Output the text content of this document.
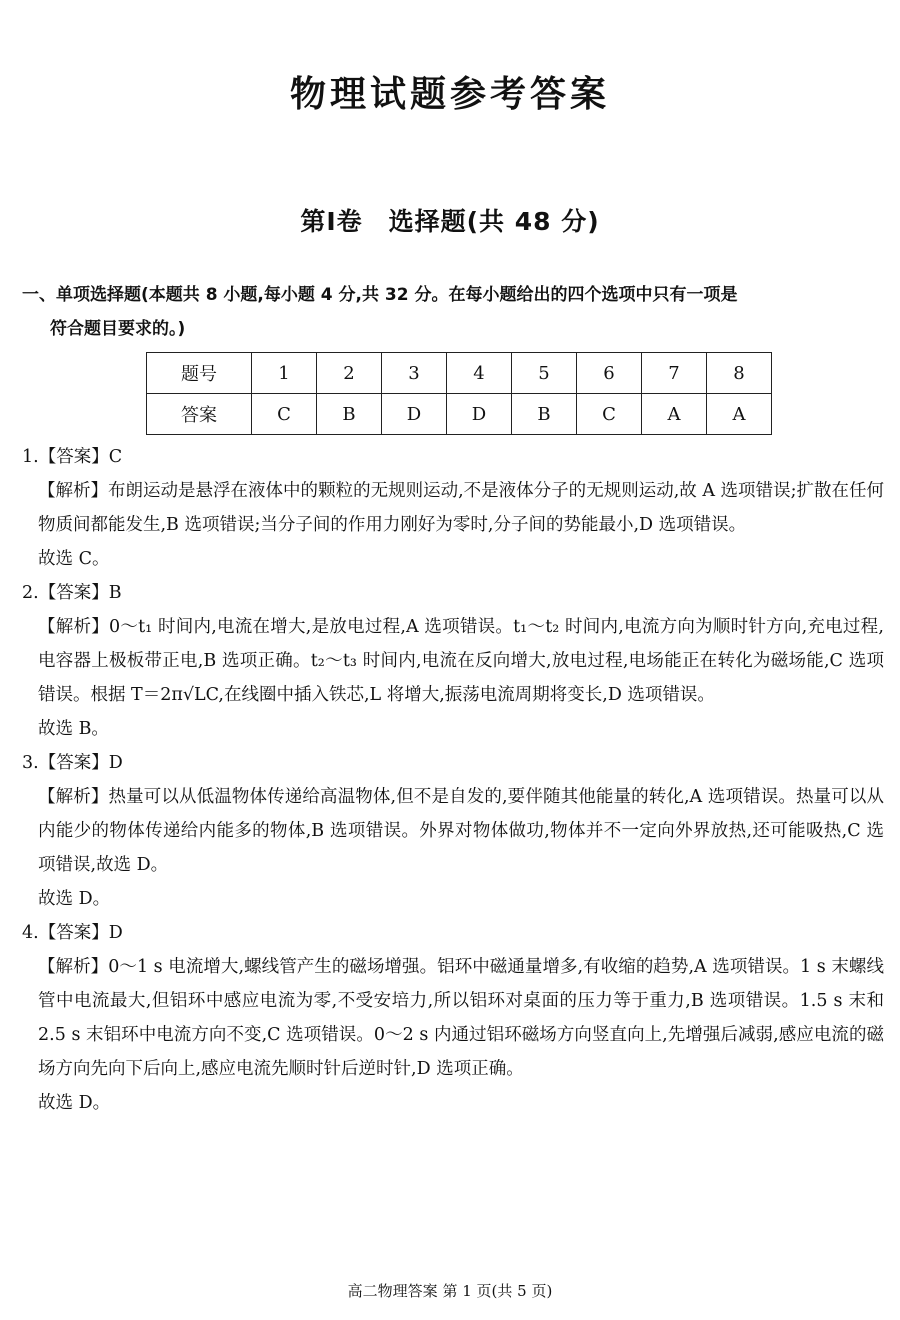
物理试题参考答案
第Ⅰ卷　选择题(共 48 分)
一、单项选择题(本题共 8 小题,每小题 4 分,共 32 分。在每小题给出的四个选项中只有一项是
符合题目要求的。)
题号	1	2	3	4	5	6	7	8
答案	C	B	D	D	B	C	A	A
1.【答案】C
【解析】布朗运动是悬浮在液体中的颗粒的无规则运动,不是液体分子的无规则运动,故 A 选项错误;扩散在任何物质间都能发生,B 选项错误;当分子间的作用力刚好为零时,分子间的势能最小,D 选项错误。
故选 C。
2.【答案】B
【解析】0～t₁ 时间内,电流在增大,是放电过程,A 选项错误。t₁～t₂ 时间内,电流方向为顺时针方向,充电过程,电容器上极板带正电,B 选项正确。t₂～t₃ 时间内,电流在反向增大,放电过程,电场能正在转化为磁场能,C 选项错误。根据 T＝2π√LC,在线圈中插入铁芯,L 将增大,振荡电流周期将变长,D 选项错误。
故选 B。
3.【答案】D
【解析】热量可以从低温物体传递给高温物体,但不是自发的,要伴随其他能量的转化,A 选项错误。热量可以从内能少的物体传递给内能多的物体,B 选项错误。外界对物体做功,物体并不一定向外界放热,还可能吸热,C 选项错误,故选 D。
故选 D。
4.【答案】D
【解析】0～1 s 电流增大,螺线管产生的磁场增强。铝环中磁通量增多,有收缩的趋势,A 选项错误。1 s 末螺线管中电流最大,但铝环中感应电流为零,不受安培力,所以铝环对桌面的压力等于重力,B 选项错误。1.5 s 末和 2.5 s 末铝环中电流方向不变,C 选项错误。0～2 s 内通过铝环磁场方向竖直向上,先增强后减弱,感应电流的磁场方向先向下后向上,感应电流先顺时针后逆时针,D 选项正确。
故选 D。
高二物理答案 第 1 页(共 5 页)
